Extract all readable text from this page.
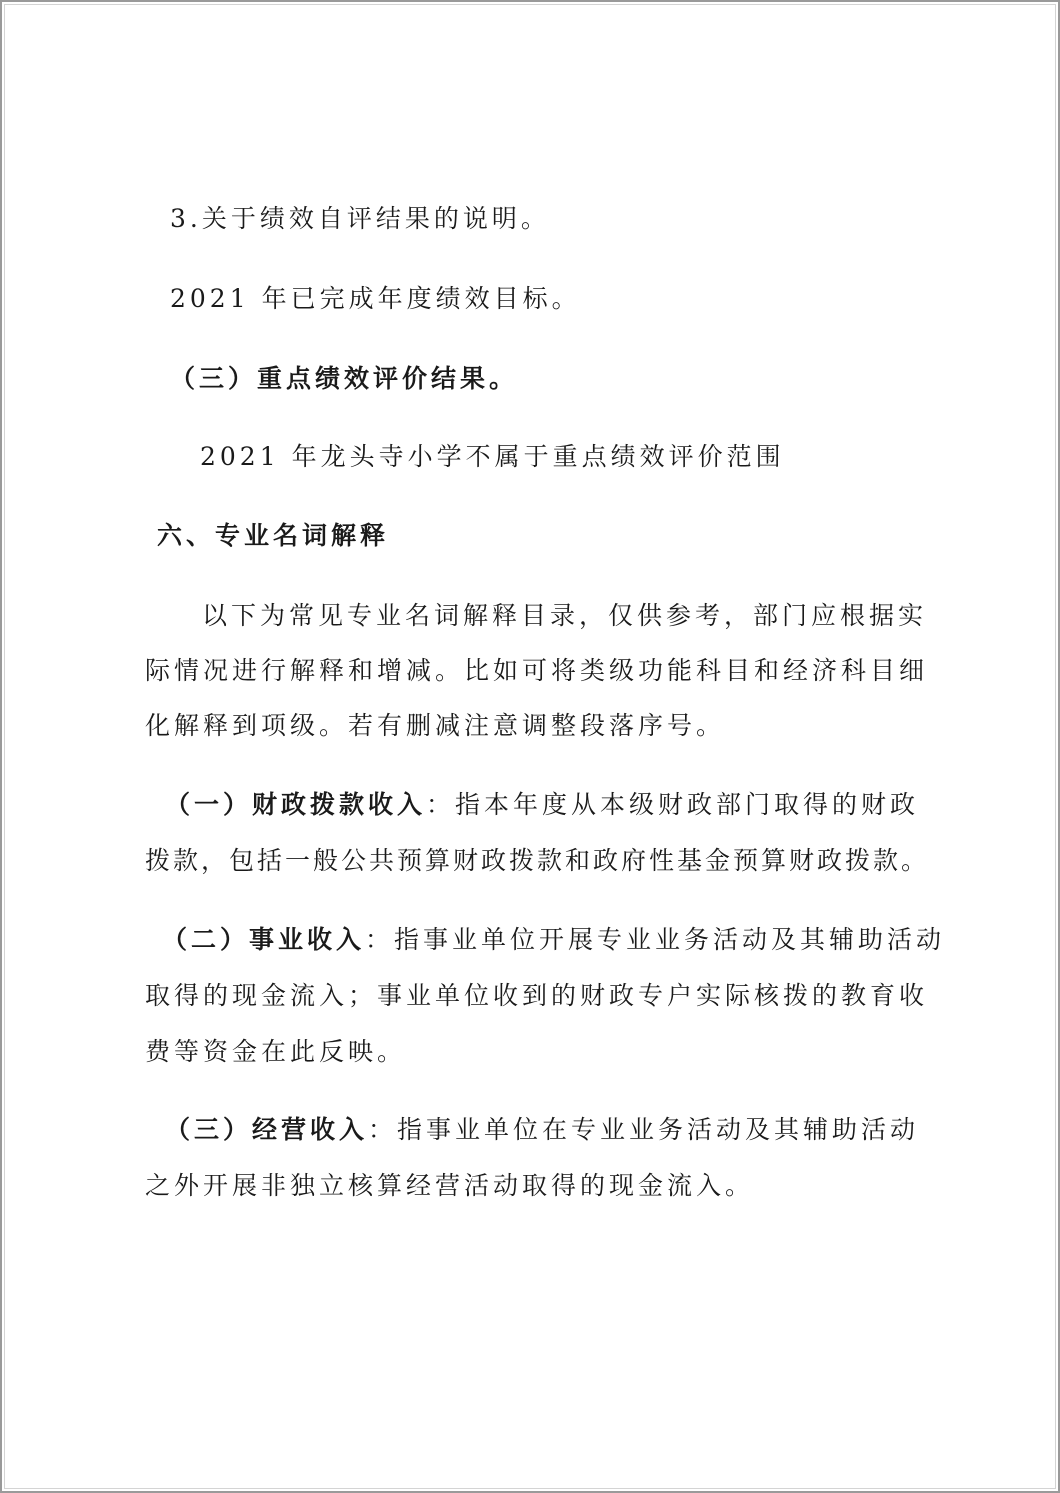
3.关于绩效自评结果的说明。

2021 年已完成年度绩效目标。

（三）重点绩效评价结果。

2021 年龙头寺小学不属于重点绩效评价范围

六、专业名词解释

以下为常见专业名词解释目录，仅供参考，部门应根据实

际情况进行解释和增减。比如可将类级功能科目和经济科目细

化解释到项级。若有删减注意调整段落序号。

（一）财政拨款收入：指本年度从本级财政部门取得的财政

拨款，包括一般公共预算财政拨款和政府性基金预算财政拨款。

（二）事业收入：指事业单位开展专业业务活动及其辅助活动

取得的现金流入；事业单位收到的财政专户实际核拨的教育收

费等资金在此反映。

（三）经营收入：指事业单位在专业业务活动及其辅助活动

之外开展非独立核算经营活动取得的现金流入。
